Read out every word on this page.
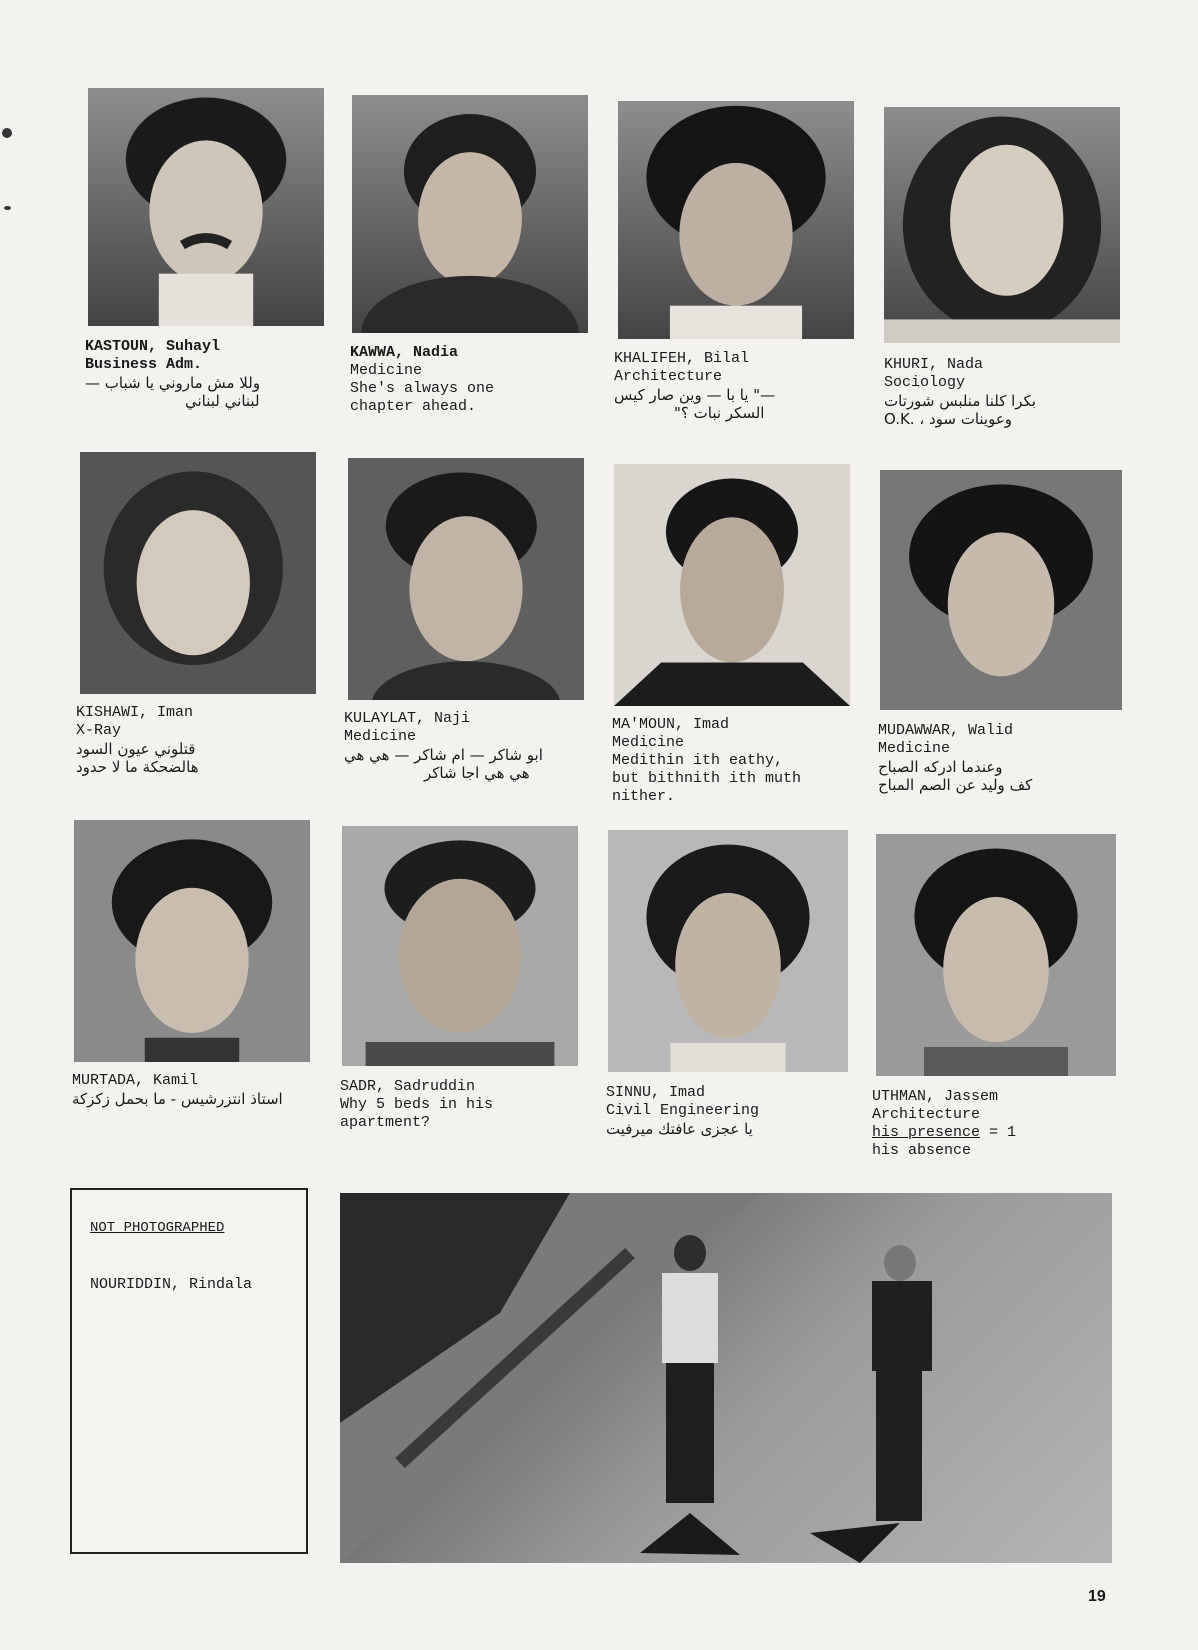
KASTOUN, Suhayl
Business Adm.
وللا مش ماروني يا شباب —
لبناني لبناني
KAWWA, Nadia
Medicine
She's always one
chapter ahead.
KHALIFEH, Bilal
Architecture
—" يا با — وين صار كيس
السكر نبات ؟"
KHURI, Nada
Sociology
بكرا كلنا منلبس شورتات
O.K. ، وعوينات سود
KISHAWI, Iman
X-Ray
قتلوني عيون السود
هالضحكة ما لا حدود
KULAYLAT, Naji
Medicine
ابو شاكر — ام شاكر — هي هي
هي هي اجا شاكر
MA'MOUN, Imad
Medicine
Medithin ith eathy,
but bithnith ith muth
nither.
MUDAWWAR, Walid
Medicine
وعندما ادركه الصباح
كف وليد عن الصم المباح
MURTADA, Kamil
استاذ انتزرشيس - ما بحمل زكزكة
SADR, Sadruddin
Why 5 beds in his
apartment?
SINNU, Imad
Civil Engineering
يا عجزى عافتك ميرفيت
UTHMAN, Jassem
Architecture
his presence = 1
his absence
NOT PHOTOGRAPHED
NOURIDDIN, Rindala
19
